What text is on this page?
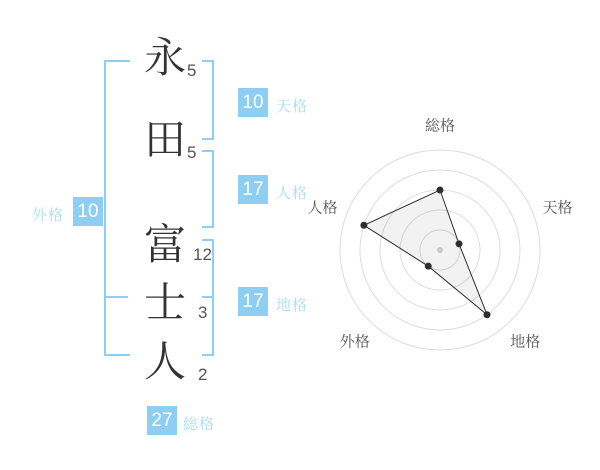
永
田
富
士
人
5
5
12
3
2
10 天格
17 人格
17 地格
外格 10
27 総格
総格
天格
地格
外格
人格
